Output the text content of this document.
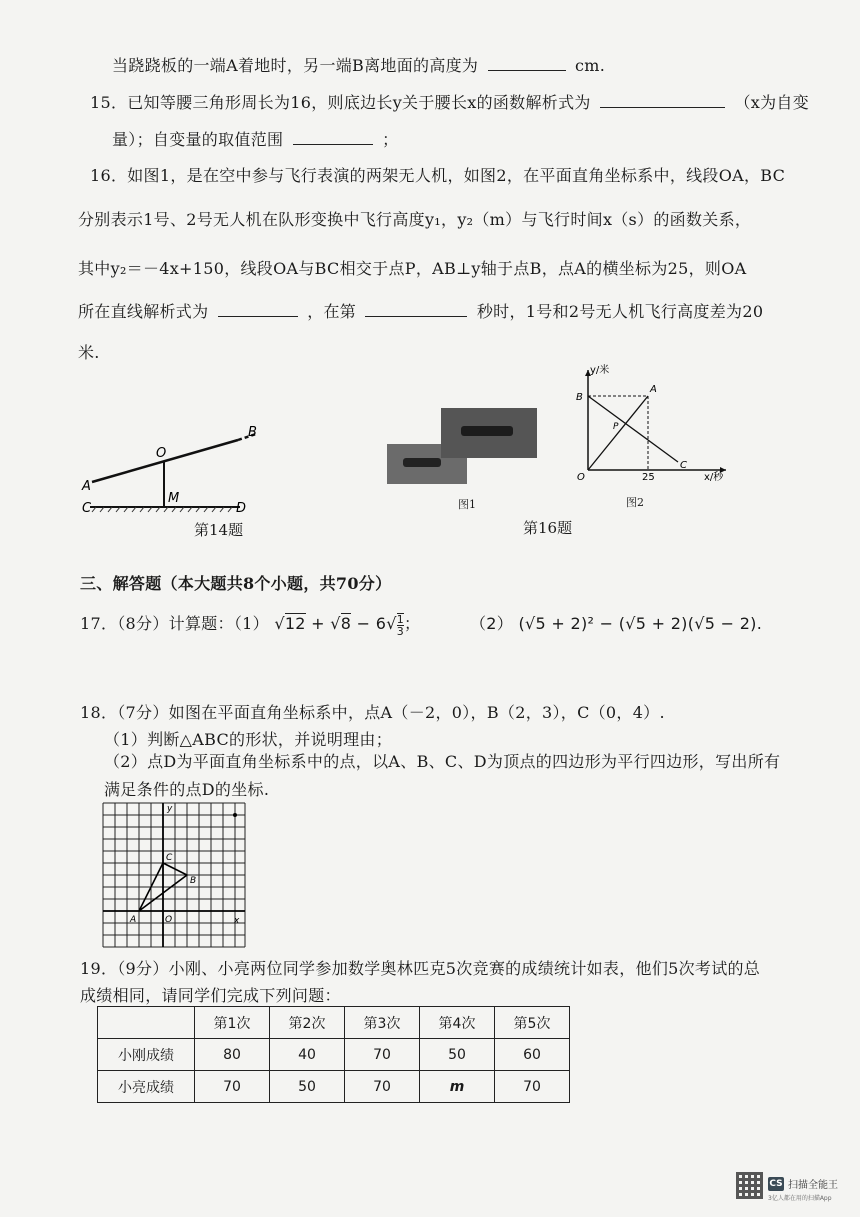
当跷跷板的一端A着地时，另一端B离地面的高度为	cm.
15．已知等腰三角形周长为16，则底边长y关于腰长x的函数解析式为	（x为自变
量）；自变量的取值范围	；
16．如图1，是在空中参与飞行表演的两架无人机，如图2，在平面直角坐标系中，线段OA，BC
分别表示1号、2号无人机在队形变换中飞行高度y₁，y₂（m）与飞行时间x（s）的函数关系，
其中y₂＝－4x+150，线段OA与BC相交于点P，AB⊥y轴于点B，点A的横坐标为25，则OA
所在直线解析式为	，在第	秒时，1号和2号无人机飞行高度差为20
米.
B
O
A
M
C	D
第14题
图1
y/米
x/秒
O	25
A
B
P
C
图2
第16题
三、解答题（本大题共8个小题，共70分）
17．（8分）计算题：（1） $√12 + √8 - 6√\frac{1}{3}$ ；	（2） (√5 + 2)² − (√5 + 2)(√5 − 2).
18．（7分）如图在平面直角坐标系中，点A（－2，0），B（2，3），C（0，4）.
（1）判断△ABC的形状，并说明理由；
（2）点D为平面直角坐标系中的点，以A、B、C、D为顶点的四边形为平行四边形，写出所有
满足条件的点D的坐标.
y
x
C
B
A	O
19．（9分）小刚、小亮两位同学参加数学奥林匹克5次竞赛的成绩统计如表，他们5次考试的总
成绩相同，请同学们完成下列问题：
	第1次	第2次	第3次	第4次	第5次
小刚成绩	80	40	70	50	60
小亮成绩	70	50	70	m	70
CS 扫描全能王
3亿人都在用的扫描App
